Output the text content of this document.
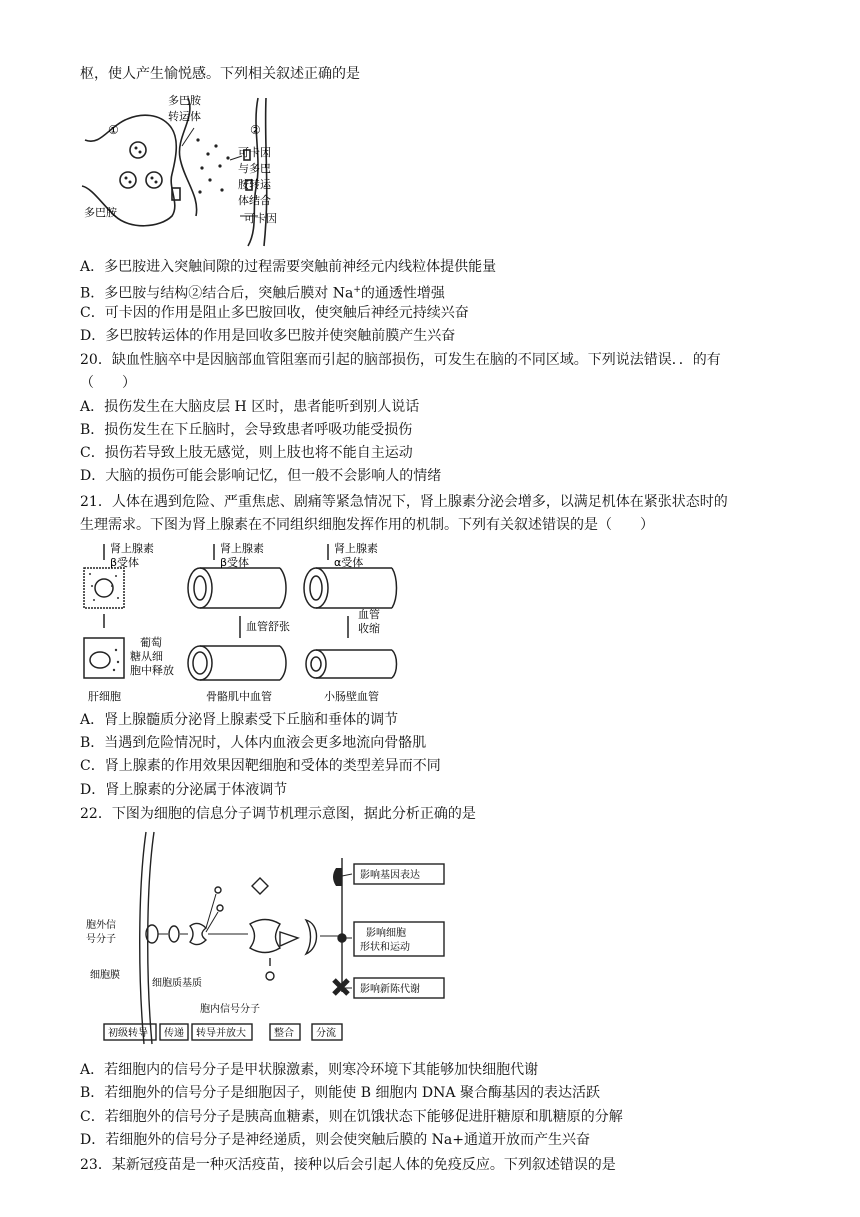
枢，使人产生愉悦感。下列相关叙述正确的是
多巴胺
转运体
①	②
可卡因
与多巴
胺转运
体结合
多巴胺	可卡因
A．多巴胺进入突触间隙的过程需要突触前神经元内线粒体提供能量
B．多巴胺与结构②结合后，突触后膜对 Na+的通透性增强
C．可卡因的作用是阻止多巴胺回收，使突触后神经元持续兴奋
D．多巴胺转运体的作用是回收多巴胺并使突触前膜产生兴奋
20．缺血性脑卒中是因脑部血管阻塞而引起的脑部损伤，可发生在脑的不同区域。下列说法错误．．的有
（　　）
A．损伤发生在大脑皮层 H 区时，患者能听到别人说话
B．损伤发生在下丘脑时，会导致患者呼吸功能受损伤
C．损伤若导致上肢无感觉，则上肢也将不能自主运动
D．大脑的损伤可能会影响记忆，但一般不会影响人的情绪
21．人体在遇到危险、严重焦虑、剧痛等紧急情况下，肾上腺素分泌会增多，以满足机体在紧张状态时的
生理需求。下图为肾上腺素在不同组织细胞发挥作用的机制。下列有关叙述错误的是（　　）
肾上腺素
β受体
葡萄
糖从细
胞中释放
肝细胞
肾上腺素
β受体
血管舒张
骨骼肌中血管
肾上腺素
α受体
血管
收缩
小肠壁血管
A．肾上腺髓质分泌肾上腺素受下丘脑和垂体的调节
B．当遇到危险情况时，人体内血液会更多地流向骨骼肌
C．肾上腺素的作用效果因靶细胞和受体的类型差异而不同
D．肾上腺素的分泌属于体液调节
22．下图为细胞的信息分子调节机理示意图，据此分析正确的是
胞外信
号分子
细胞膜
细胞质基质
胞内信号分子
影响基因表达
影响细胞
形状和运动
影响新陈代谢
初级转导 传递 转导并放大	整合 分流
A．若细胞内的信号分子是甲状腺激素，则寒冷环境下其能够加快细胞代谢
B．若细胞外的信号分子是细胞因子，则能使 B 细胞内 DNA 聚合酶基因的表达活跃
C．若细胞外的信号分子是胰高血糖素，则在饥饿状态下能够促进肝糖原和肌糖原的分解
D．若细胞外的信号分子是神经递质，则会使突触后膜的 Na+通道开放而产生兴奋
23．某新冠疫苗是一种灭活疫苗，接种以后会引起人体的免疫反应。下列叙述错误的是
